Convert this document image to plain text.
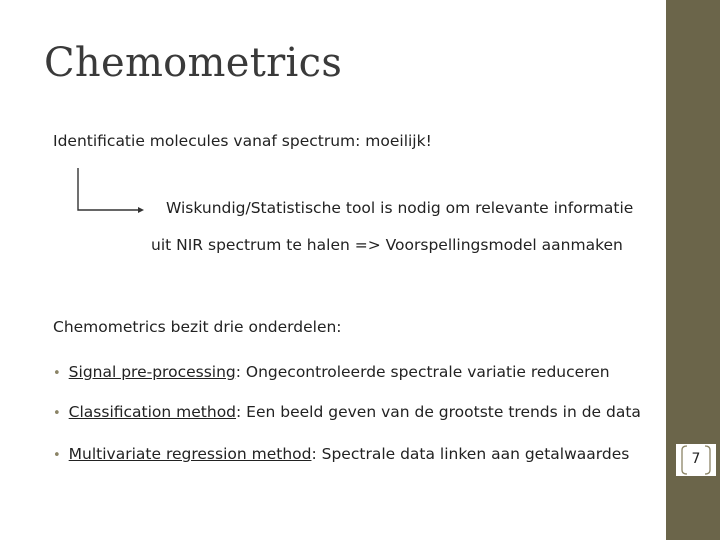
Chemometrics
Identificatie molecules vanaf spectrum: moeilijk!
Wiskundig/Statistische tool is nodig om relevante informatie
uit NIR spectrum te halen => Voorspellingsmodel aanmaken
Chemometrics bezit drie onderdelen:
• Signal pre-processing: Ongecontroleerde spectrale variatie reduceren
• Classification method: Een beeld geven van de grootste trends in de data
• Multivariate regression method: Spectrale data linken aan getalwaardes	7
